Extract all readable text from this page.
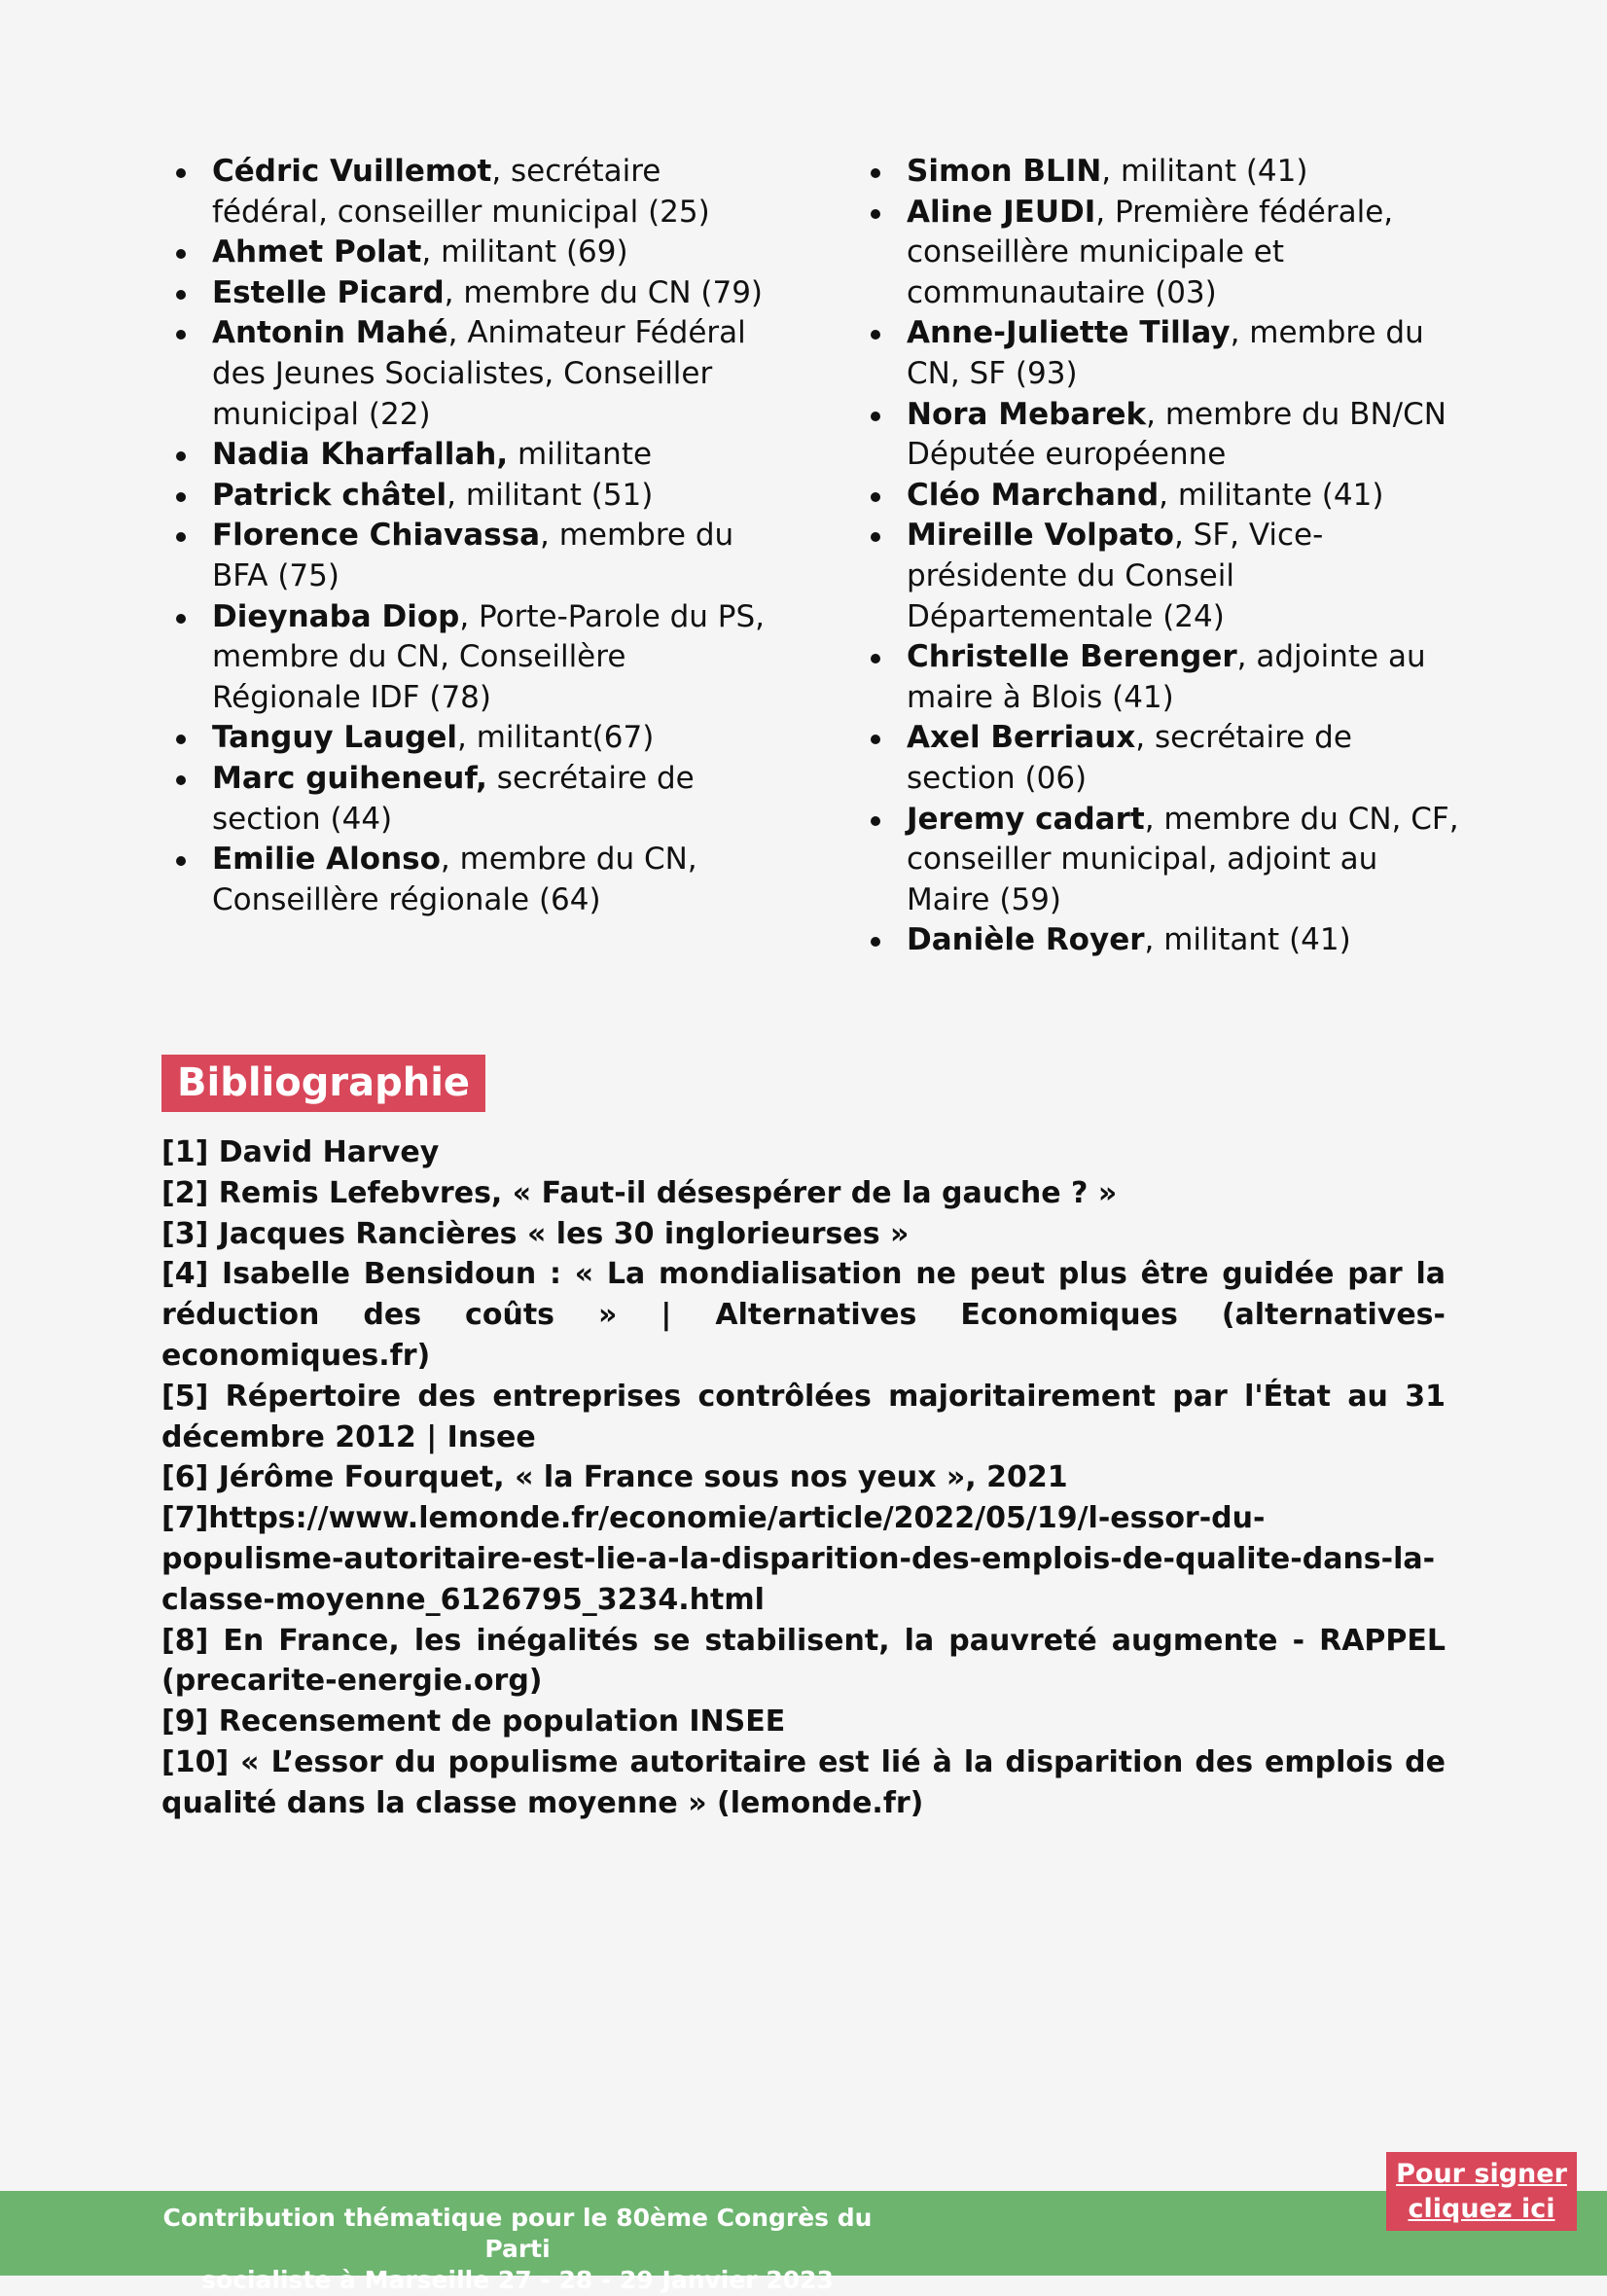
Cédric Vuillemot, secrétaire fédéral, conseiller municipal (25)
Ahmet Polat, militant (69)
Estelle Picard, membre du CN (79)
Antonin Mahé, Animateur Fédéral des Jeunes Socialistes, Conseiller municipal (22)
Nadia Kharfallah, militante
Patrick châtel, militant (51)
Florence Chiavassa, membre du BFA (75)
Dieynaba Diop, Porte-Parole du PS, membre du CN, Conseillère Régionale IDF (78)
Tanguy Laugel, militant(67)
Marc guiheneuf, secrétaire de section (44)
Emilie Alonso, membre du CN, Conseillère régionale (64)
Simon BLIN, militant (41)
Aline JEUDI, Première fédérale, conseillère municipale et communautaire (03)
Anne-Juliette Tillay, membre du CN, SF (93)
Nora Mebarek, membre du BN/CN Députée européenne
Cléo Marchand, militante (41)
Mireille Volpato, SF, Vice-présidente du Conseil Départementale (24)
Christelle Berenger, adjointe au maire à Blois (41)
Axel Berriaux, secrétaire de section (06)
Jeremy cadart, membre du CN, CF, conseiller municipal, adjoint au Maire (59)
Danièle Royer, militant (41)
Bibliographie
[1] David Harvey
[2] Remis Lefebvres, « Faut-il désespérer de la gauche ? »
[3] Jacques Rancières « les 30 inglorieurses »
[4] Isabelle Bensidoun : « La mondialisation ne peut plus être guidée par la réduction des coûts » | Alternatives Economiques (alternatives-economiques.fr)
[5] Répertoire des entreprises contrôlées majoritairement par l'État au 31 décembre 2012 | Insee
[6] Jérôme Fourquet, « la France sous nos yeux », 2021
[7]https://www.lemonde.fr/economie/article/2022/05/19/l-essor-du-populisme-autoritaire-est-lie-a-la-disparition-des-emplois-de-qualite-dans-la-classe-moyenne_6126795_3234.html
[8] En France, les inégalités se stabilisent, la pauvreté augmente - RAPPEL (precarite-energie.org)
[9] Recensement de population INSEE
[10] « L’essor du populisme autoritaire est lié à la disparition des emplois de qualité dans la classe moyenne » (lemonde.fr)
Contribution thématique pour le 80ème Congrès du Parti
socialiste à Marseille 27 - 28 - 29 Janvier 2023
Pour signer
cliquez ici
